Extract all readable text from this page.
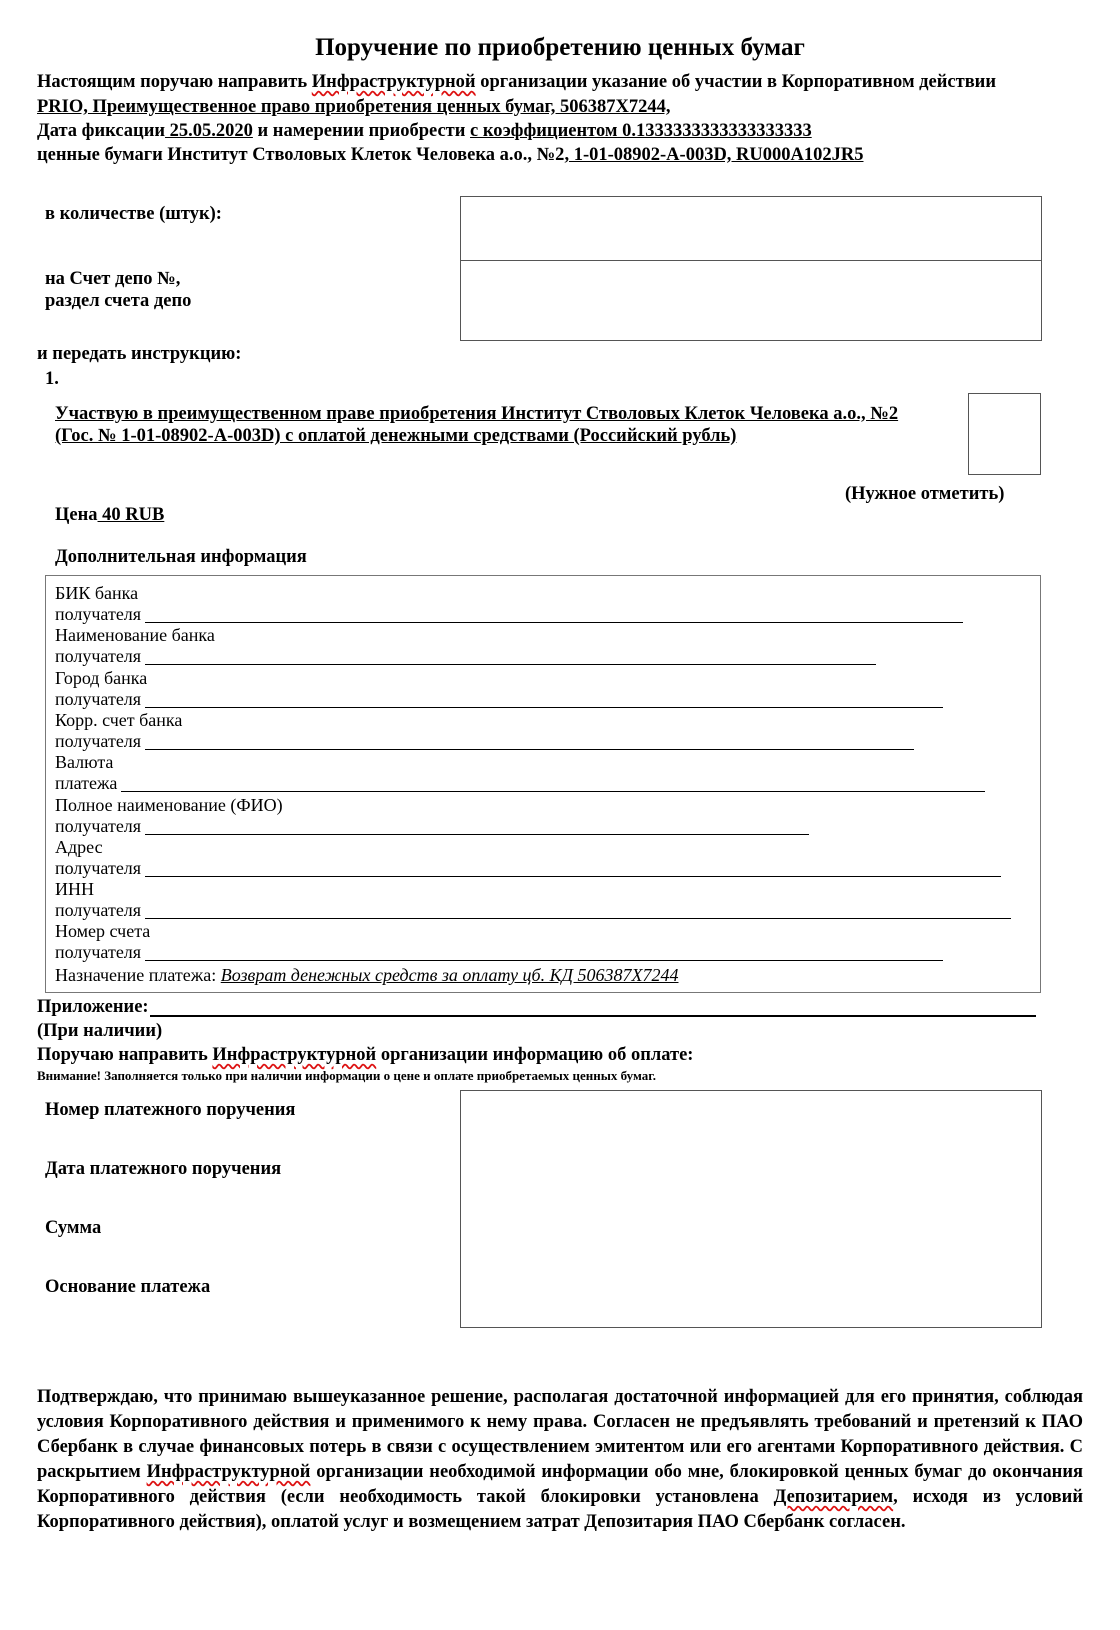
Поручение по приобретению ценных бумаг
Настоящим поручаю направить Инфраструктурной организации указание об участии в Корпоративном действии
PRIO, Преимущественное право приобретения ценных бумаг, 506387X7244,
Дата фиксации 25.05.2020 и намерении приобрести с коэффициентом 0.1333333333333333333
ценные бумаги Институт Стволовых Клеток Человека а.о., №2, 1-01-08902-A-003D, RU000A102JR5
в количестве (штук):
на Счет депо №,
раздел счета депо
и передать инструкцию:
1.
Участвую в преимущественном праве приобретения Институт Стволовых Клеток Человека а.о., №2
(Гос. № 1-01-08902-A-003D) с оплатой денежными средствами (Российский рубль)
(Нужное отметить)
Цена 40 RUB
Дополнительная информация
БИК банка
получателя
Наименование банка
получателя
Город банка
получателя
Корр. счет банка
получателя
Валюта
платежа
Полное наименование (ФИО)
получателя
Адрес
получателя
ИНН
получателя
Номер счета
получателя
Назначение платежа: Возврат денежных средств за оплату цб. КД 506387X7244
Приложение:
(При наличии)
Поручаю направить Инфраструктурной организации информацию об оплате:
Внимание! Заполняется только при наличии информации о цене и оплате приобретаемых ценных бумаг.
Номер платежного поручения
Дата платежного поручения
Сумма
Основание платежа
Подтверждаю, что принимаю вышеуказанное решение, располагая достаточной информацией для его принятия, соблюдая условия Корпоративного действия и применимого к нему права. Согласен не предъявлять требований и претензий к ПАО Сбербанк в случае финансовых потерь в связи с осуществлением эмитентом или его агентами Корпоративного действия. С раскрытием Инфраструктурной организации необходимой информации обо мне, блокировкой ценных бумаг до окончания Корпоративного действия (если необходимость такой блокировки установлена Депозитарием, исходя из условий Корпоративного действия), оплатой услуг и возмещением затрат Депозитария ПАО Сбербанк согласен.
